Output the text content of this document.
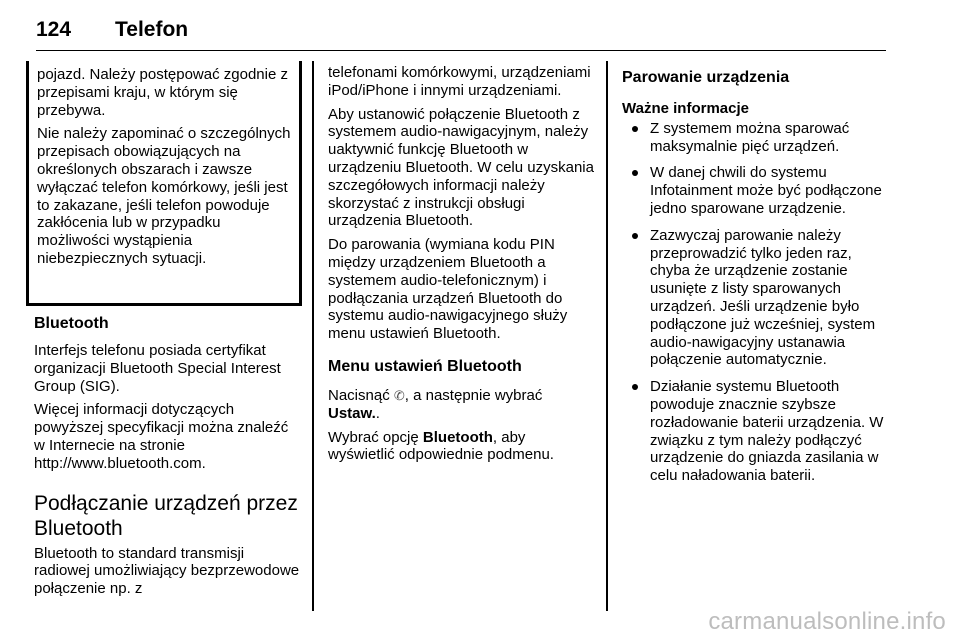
124 Telefon

pojazd. Należy postępować zgodnie z przepisami kraju, w którym się przebywa.

Nie należy zapominać o szczególnych przepisach obowiązujących na określonych obszarach i zawsze wyłączać telefon komórkowy, jeśli jest to zakazane, jeśli telefon powoduje zakłócenia lub w przypadku możliwości wystąpienia niebezpiecznych sytuacji.

Bluetooth

Interfejs telefonu posiada certyfikat organizacji Bluetooth Special Interest Group (SIG).

Więcej informacji dotyczących powyższej specyfikacji można znaleźć w Internecie na stronie http://www.bluetooth.com.

Podłączanie urządzeń przez Bluetooth

Bluetooth to standard transmisji radiowej umożliwiający bezprzewodowe połączenie np. z

telefonami komórkowymi, urządzeniami iPod/iPhone i innymi urządzeniami.

Aby ustanowić połączenie Bluetooth z systemem audio-nawigacyjnym, należy uaktywnić funkcję Bluetooth w urządzeniu Bluetooth. W celu uzyskania szczegółowych informacji należy skorzystać z instrukcji obsługi urządzenia Bluetooth.

Do parowania (wymiana kodu PIN między urządzeniem Bluetooth a systemem audio-telefonicznym) i podłączania urządzeń Bluetooth do systemu audio-nawigacyjnego służy menu ustawień Bluetooth.

Menu ustawień Bluetooth

Nacisnąć ✆, a następnie wybrać Ustaw..

Wybrać opcję Bluetooth, aby wyświetlić odpowiednie podmenu.

Parowanie urządzenia

Ważne informacje

Z systemem można sparować maksymalnie pięć urządzeń.
W danej chwili do systemu Infotainment może być podłączone jedno sparowane urządzenie.
Zazwyczaj parowanie należy przeprowadzić tylko jeden raz, chyba że urządzenie zostanie usunięte z listy sparowanych urządzeń. Jeśli urządzenie było podłączone już wcześniej, system audio-nawigacyjny ustanawia połączenie automatycznie.
Działanie systemu Bluetooth powoduje znacznie szybsze rozładowanie baterii urządzenia. W związku z tym należy podłączyć urządzenie do gniazda zasilania w celu naładowania baterii.
carmanualsonline.info
